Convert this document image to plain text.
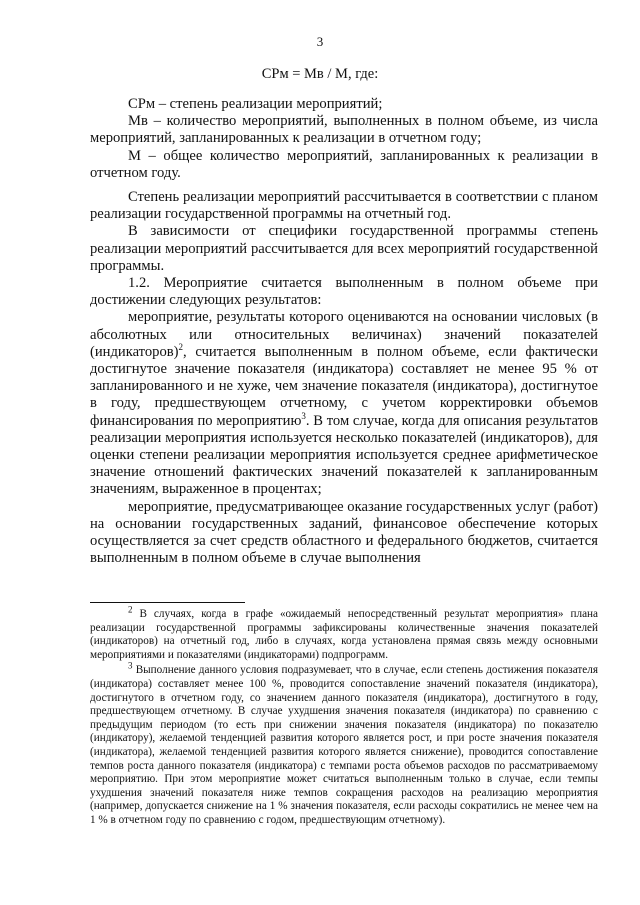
3
СРм = Мв / М, где:

СРм – степень реализации мероприятий;

Мв – количество мероприятий, выполненных в полном объеме, из числа мероприятий, запланированных к реализации в отчетном году;

М – общее количество мероприятий, запланированных к реализации в отчетном году.

Степень реализации мероприятий рассчитывается в соответствии с планом реализации государственной программы на отчетный год.

В зависимости от специфики государственной программы степень реализации мероприятий рассчитывается для всех мероприятий государственной программы.

1.2. Мероприятие считается выполненным в полном объеме при достижении следующих результатов:

мероприятие, результаты которого оцениваются на основании числовых (в абсолютных или относительных величинах) значений показателей (индикаторов)$^2$, считается выполненным в полном объеме, если фактически достигнутое значение показателя (индикатора) составляет не менее 95 % от запланированного и не хуже, чем значение показателя (индикатора), достигнутое в году, предшествующем отчетному, с учетом корректировки объемов финансирования по мероприятию$^3$. В том случае, когда для описания результатов реализации мероприятия используется несколько показателей (индикаторов), для оценки степени реализации мероприятия используется среднее арифметическое значение отношений фактических значений показателей к запланированным значениям, выраженное в процентах;

мероприятие, предусматривающее оказание государственных услуг (работ) на основании государственных заданий, финансовое обеспечение которых осуществляется за счет средств областного и федерального бюджетов, считается выполненным в полном объеме в случае выполнения

$^2$ В случаях, когда в графе «ожидаемый непосредственный результат мероприятия» плана реализации государственной программы зафиксированы количественные значения показателей (индикаторов) на отчетный год, либо в случаях, когда установлена прямая связь между основными мероприятиями и показателями (индикаторами) подпрограмм.

$^3$ Выполнение данного условия подразумевает, что в случае, если степень достижения показателя (индикатора) составляет менее 100 %, проводится сопоставление значений показателя (индикатора), достигнутого в отчетном году, со значением данного показателя (индикатора), достигнутого в году, предшествующем отчетному. В случае ухудшения значения показателя (индикатора) по сравнению с предыдущим периодом (то есть при снижении значения показателя (индикатора) по показателю (индикатору), желаемой тенденцией развития которого является рост, и при росте значения показателя (индикатора), желаемой тенденцией развития которого является снижение), проводится сопоставление темпов роста данного показателя (индикатора) с темпами роста объемов расходов по рассматриваемому мероприятию. При этом мероприятие может считаться выполненным только в случае, если темпы ухудшения значений показателя ниже темпов сокращения расходов на реализацию мероприятия (например, допускается снижение на 1 % значения показателя, если расходы сократились не менее чем на 1 % в отчетном году по сравнению с годом, предшествующим отчетному).
